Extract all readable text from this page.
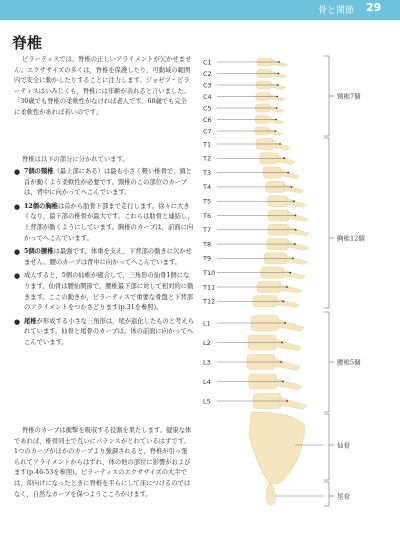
骨と関節 29
脊椎
ピラーティスでは、脊椎の正しいアライメントが欠かせません。エクササイズの多くは，脊椎を保護したり，可動域の範囲内で安全に動かしたりすることに注力します。ジョゼフ・ピラーティスはいみじくも，脊椎には年齢が表れると言いました。「30歳でも脊椎の柔軟性がなければ老人です。60歳でも完全に柔軟性があれば若いのです」
脊椎は以下の部分に分かれています。
● 7個の頸椎（最上部にある）は最も小さく軽い椎骨で，頭と首が動くよう柔軟性が必要です。頸椎のこの部位のカーブは，背中に向かってへこんでいます。
● 12個の胸椎は首から肋骨下部まで走行します。徐々に大きくなり，最下部の椎骨が最大です。これらは肋骨と連結し，上背部が動くようにしています。胸椎のカーブは，前面に向かってへこんでいます。
● 5個の腰椎は最強です。体重を支え，下背部の動きに欠かせません。腰のカーブは背中に向かってへこんでいます。
● 成人すると，5個の仙椎が癒合して，三角形の仙骨1個になります。仙骨は腰仙関節で，腰椎最下部に対して相対的に動きます。ここの動きが，ピラーティスで重要な骨盤と下背部のアライメントをつかさどります(p.31を参照)。
● 尾椎が形成する小さな三角形は，尾が退化したものと考えられています。仙骨と尾骨のカーブは，体の前面に向かってへこんでいます。
脊椎のカーブは衝撃を吸収する役割を果たします。健康な体であれば，椎骨同士で互いにバランスがとれているはずです。1つのカーブがほかのカーブより強調されると，脊椎が引っ張られてアライメントからはずれ，体の他の部位に影響がおよびます(p.46-53を参照)。ピラーティスのエクササイズの大半では，仰向けになったときに脊椎を平らにして床につけるのではなく，自然なカーブを保つようこころがけます。
C1
C2
C3
C4
C5
C6
C7
T1
T2
T3
T4
T5
T6
T7
T8
T9
T10
T11
T12
L1
L2
L3
L4
L5
頸椎7個
胸椎12個
腰椎5個
仙骨
尾骨
